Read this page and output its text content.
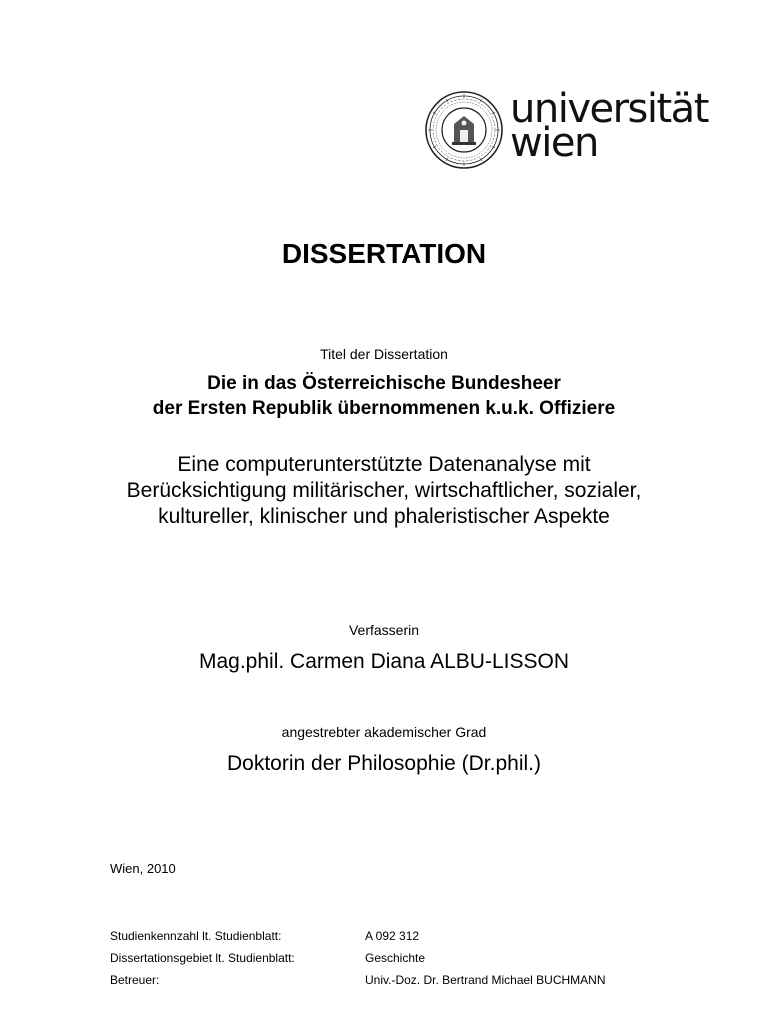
universität
wien
DISSERTATION
Titel der Dissertation
Die in das Österreichische Bundesheer
der Ersten Republik übernommenen k.u.k. Offiziere
Eine computerunterstützte Datenanalyse mit
Berücksichtigung militärischer, wirtschaftlicher, sozialer,
kultureller, klinischer und phaleristischer Aspekte
Verfasserin
Mag.phil. Carmen Diana ALBU-LISSON
angestrebter akademischer Grad
Doktorin der Philosophie (Dr.phil.)
Wien, 2010
Studienkennzahl lt. Studienblatt:	A 092 312
Dissertationsgebiet lt. Studienblatt:	Geschichte
Betreuer:	Univ.-Doz. Dr. Bertrand Michael BUCHMANN
